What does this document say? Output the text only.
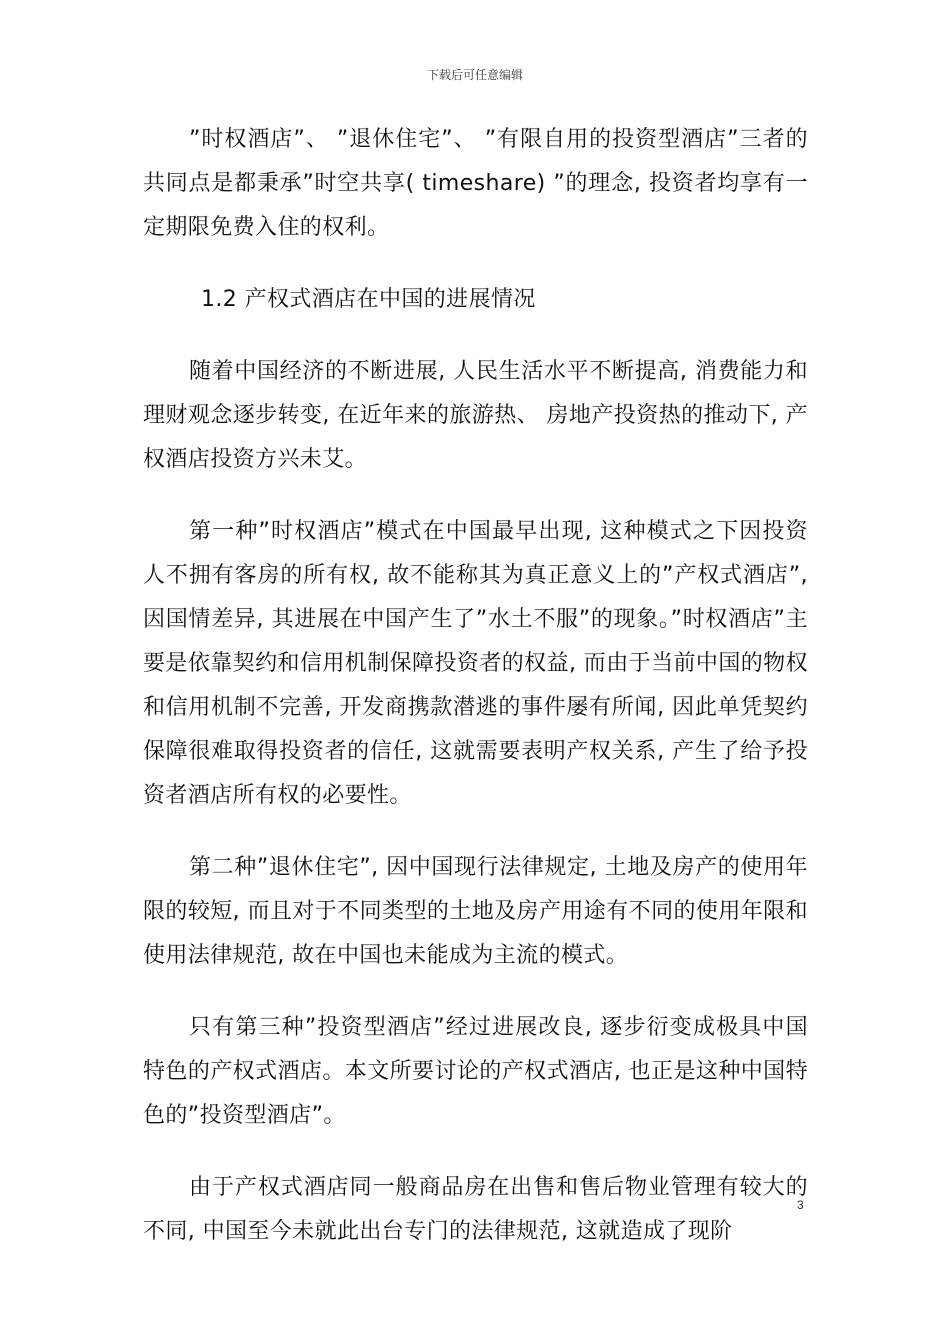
下载后可任意编辑

”时权酒店”、 ”退休住宅”、 ”有限自用的投资型酒店”三者的共同点是都秉承”时空共享( timeshare) ”的理念, 投资者均享有一定期限免费入住的权利。

1.2 产权式酒店在中国的进展情况

随着中国经济的不断进展, 人民生活水平不断提高, 消费能力和理财观念逐步转变, 在近年来的旅游热、 房地产投资热的推动下, 产权酒店投资方兴未艾。

第一种”时权酒店”模式在中国最早出现, 这种模式之下因投资人不拥有客房的所有权, 故不能称其为真正意义上的”产权式酒店”, 因国情差异, 其进展在中国产生了”水土不服”的现象。”时权酒店”主要是依靠契约和信用机制保障投资者的权益, 而由于当前中国的物权和信用机制不完善, 开发商携款潜逃的事件屡有所闻, 因此单凭契约保障很难取得投资者的信任, 这就需要表明产权关系, 产生了给予投资者酒店所有权的必要性。

第二种”退休住宅”, 因中国现行法律规定, 土地及房产的使用年限的较短, 而且对于不同类型的土地及房产用途有不同的使用年限和使用法律规范, 故在中国也未能成为主流的模式。

只有第三种”投资型酒店”经过进展改良, 逐步衍变成极具中国特色的产权式酒店。本文所要讨论的产权式酒店, 也正是这种中国特色的”投资型酒店”。

由于产权式酒店同一般商品房在出售和售后物业管理有较大的不同, 中国至今未就此出台专门的法律规范, 这就造成了现阶

3
